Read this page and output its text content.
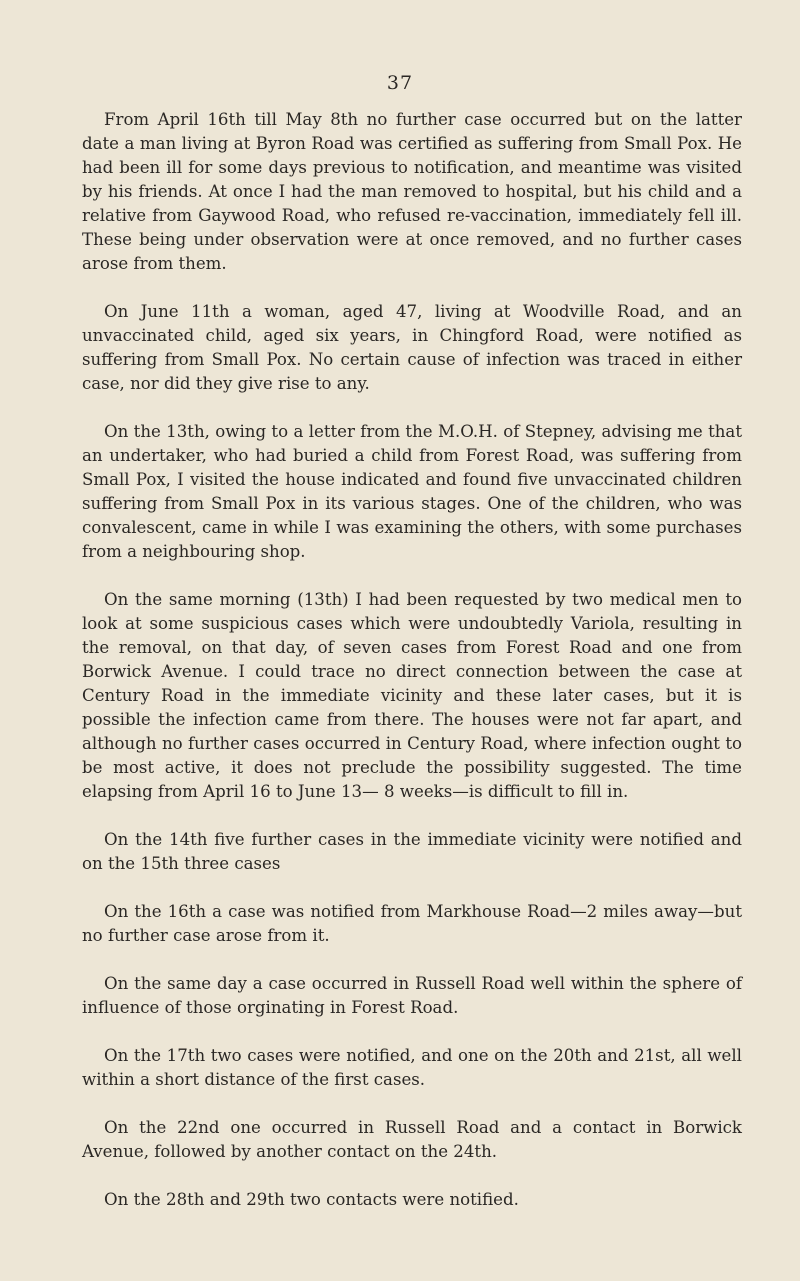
37

From April 16th till May 8th no further case occurred but on the latter date a man living at Byron Road was certified as suffering from Small Pox. He had been ill for some days previous to notification, and meantime was visited by his friends. At once I had the man removed to hospital, but his child and a relative from Gaywood Road, who refused re-vaccination, immediately fell ill. These being under observation were at once removed, and no further cases arose from them.

On June 11th a woman, aged 47, living at Woodville Road, and an unvaccinated child, aged six years, in Chingford Road, were notified as suffering from Small Pox. No certain cause of infection was traced in either case, nor did they give rise to any.

On the 13th, owing to a letter from the M.O.H. of Stepney, advising me that an undertaker, who had buried a child from Forest Road, was suffering from Small Pox, I visited the house indicated and found five unvaccinated children suffering from Small Pox in its various stages. One of the children, who was convalescent, came in while I was examining the others, with some purchases from a neighbouring shop.

On the same morning (13th) I had been requested by two medical men to look at some suspicious cases which were undoubtedly Variola, resulting in the removal, on that day, of seven cases from Forest Road and one from Borwick Avenue. I could trace no direct connection between the case at Century Road in the immediate vicinity and these later cases, but it is possible the infection came from there. The houses were not far apart, and although no further cases occurred in Century Road, where infection ought to be most active, it does not preclude the possibility suggested. The time elapsing from April 16 to June 13— 8 weeks—is difficult to fill in.

On the 14th five further cases in the immediate vicinity were notified and on the 15th three cases

On the 16th a case was notified from Markhouse Road—2 miles away—but no further case arose from it.

On the same day a case occurred in Russell Road well within the sphere of influence of those orginating in Forest Road.

On the 17th two cases were notified, and one on the 20th and 21st, all well within a short distance of the first cases.

On the 22nd one occurred in Russell Road and a contact in Borwick Avenue, followed by another contact on the 24th.

On the 28th and 29th two contacts were notified.
